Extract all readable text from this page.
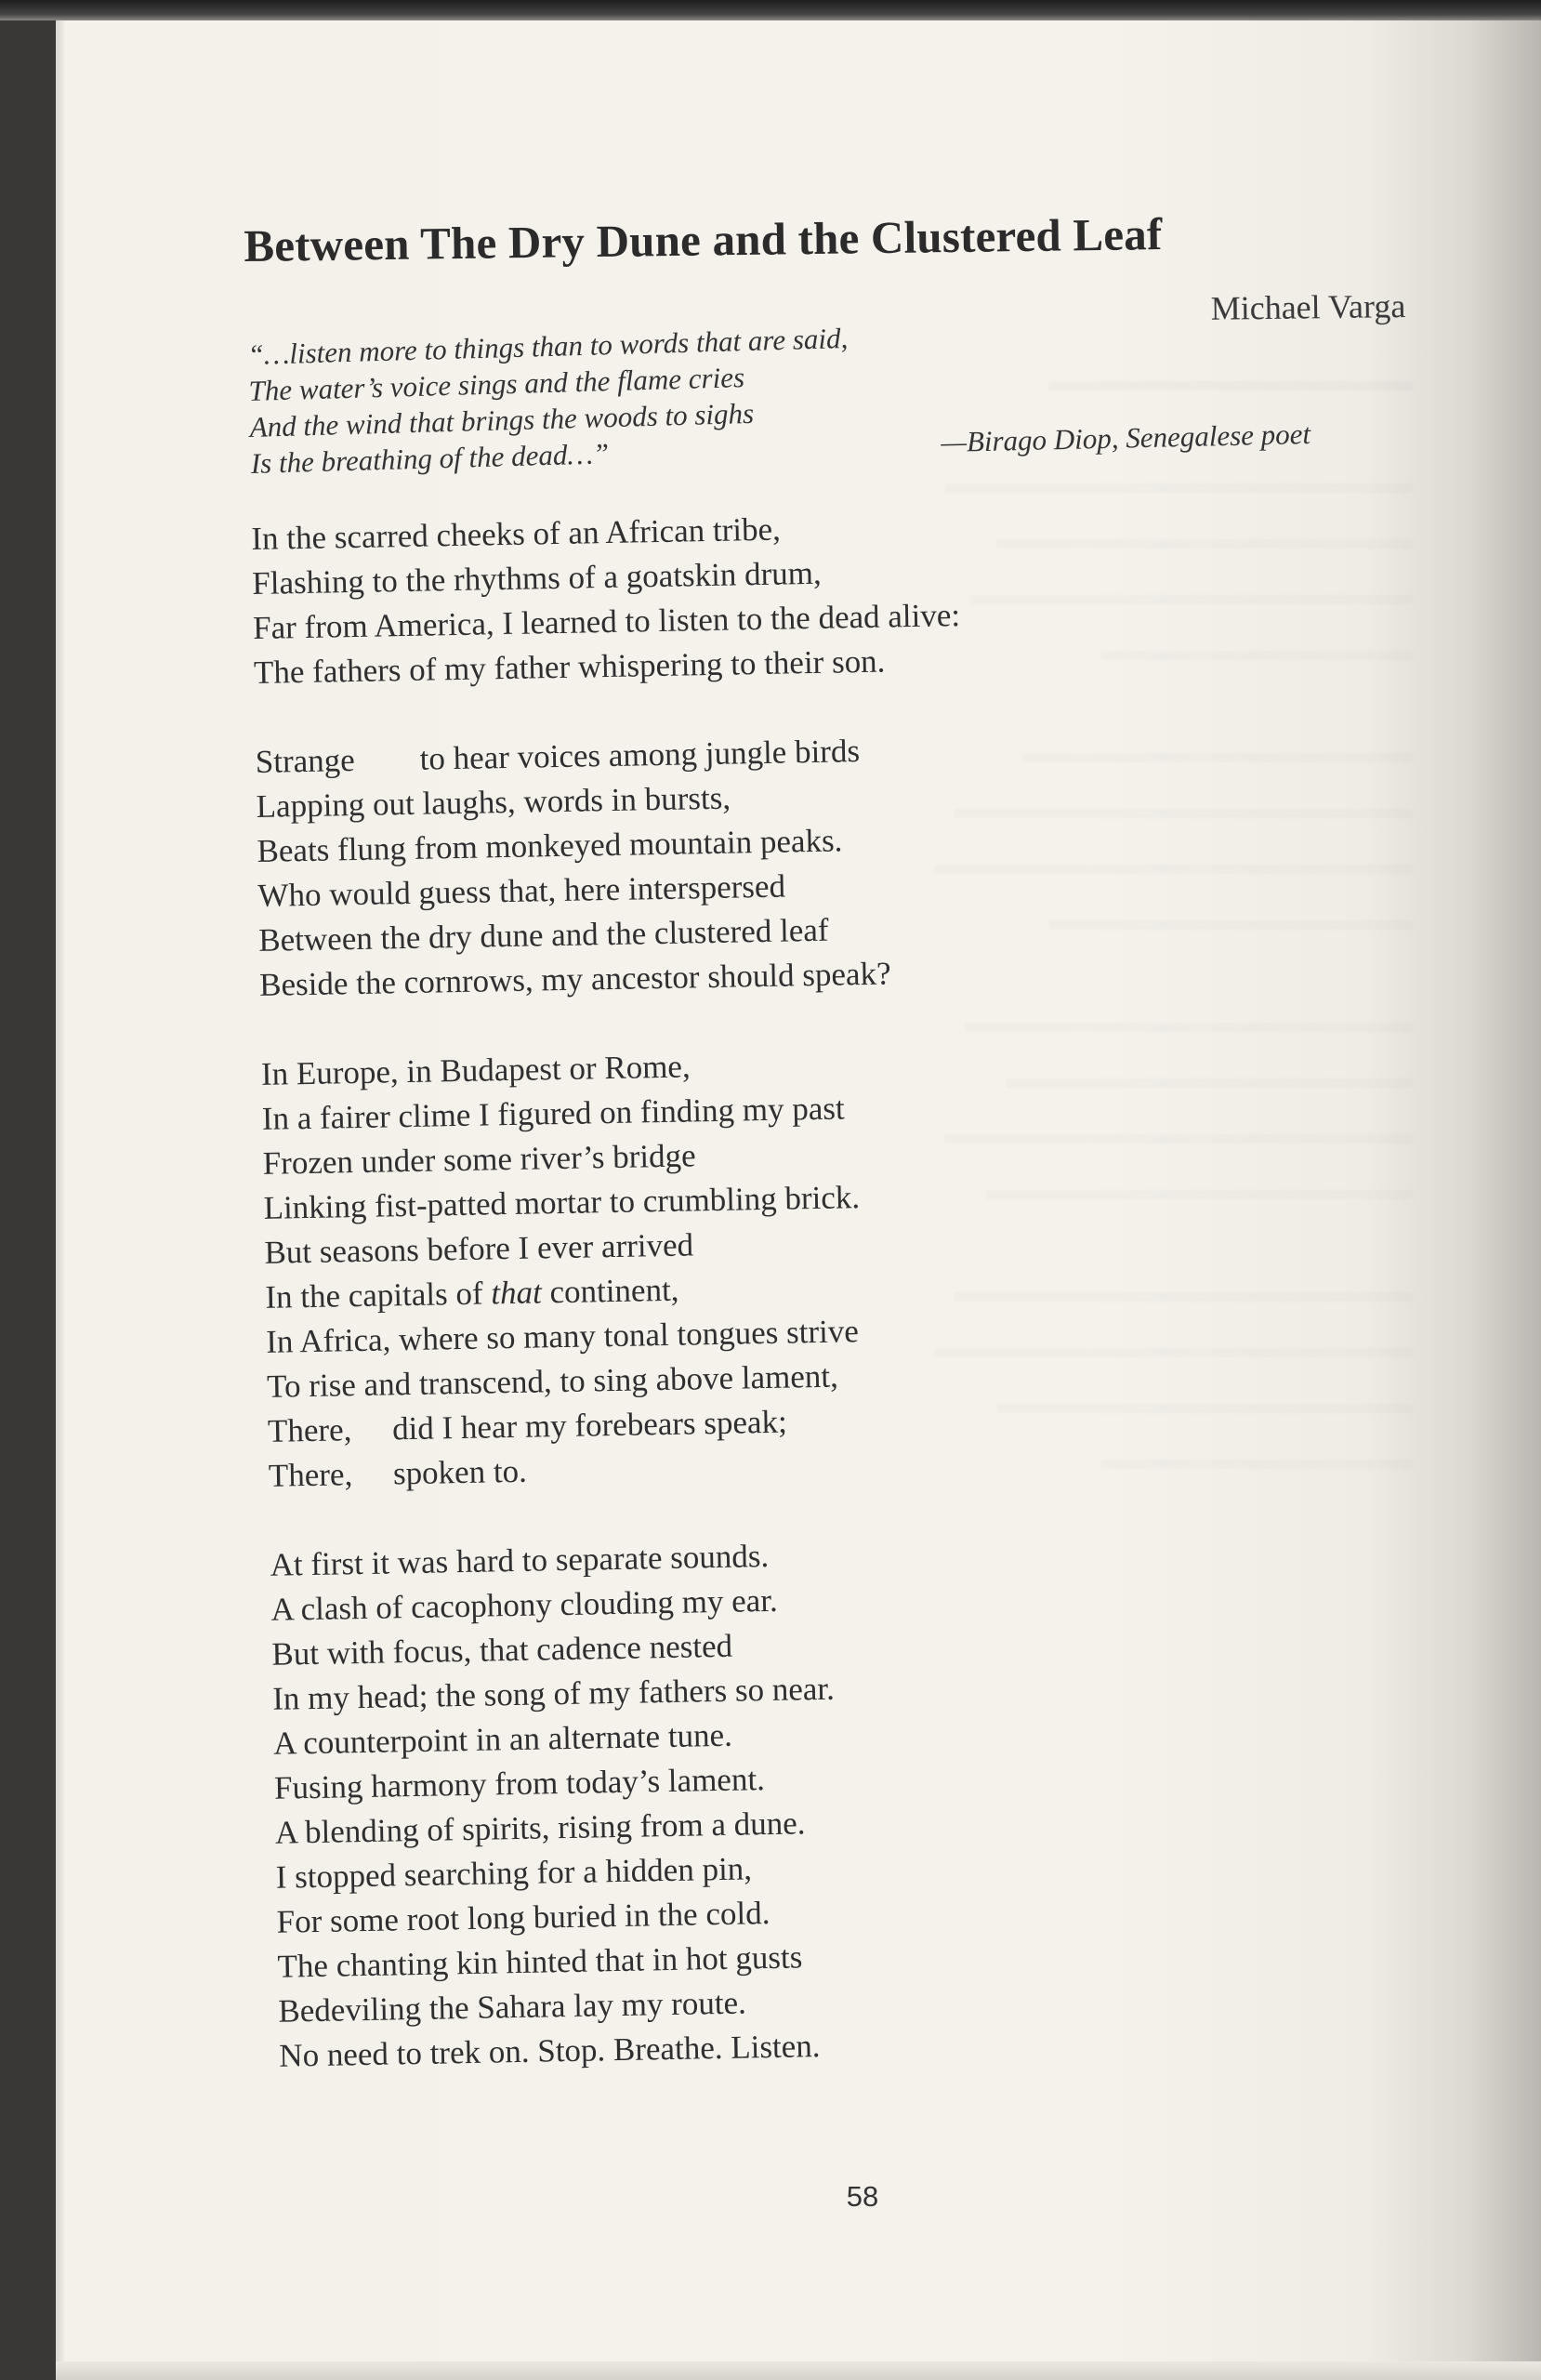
Between The Dry Dune and the Clustered Leaf
Michael Varga
“…listen more to things than to words that are said,
The water’s voice sings and the flame cries
And the wind that brings the woods to sighs
Is the breathing of the dead…”	—Birago Diop, Senegalese poet
In the scarred cheeks of an African tribe,
Flashing to the rhythms of a goatskin drum,
Far from America, I learned to listen to the dead alive:
The fathers of my father whispering to their son.
Strange        to hear voices among jungle birds
Lapping out laughs, words in bursts,
Beats flung from monkeyed mountain peaks.
Who would guess that, here interspersed
Between the dry dune and the clustered leaf
Beside the cornrows, my ancestor should speak?
In Europe, in Budapest or Rome,
In a fairer clime I figured on finding my past
Frozen under some river’s bridge
Linking fist-patted mortar to crumbling brick.
But seasons before I ever arrived
In the capitals of that continent,
In Africa, where so many tonal tongues strive
To rise and transcend, to sing above lament,
There,     did I hear my forebears speak;
There,     spoken to.
At first it was hard to separate sounds.
A clash of cacophony clouding my ear.
But with focus, that cadence nested
In my head; the song of my fathers so near.
A counterpoint in an alternate tune.
Fusing harmony from today’s lament.
A blending of spirits, rising from a dune.
I stopped searching for a hidden pin,
For some root long buried in the cold.
The chanting kin hinted that in hot gusts
Bedeviling the Sahara lay my route.
No need to trek on. Stop. Breathe. Listen.
58
